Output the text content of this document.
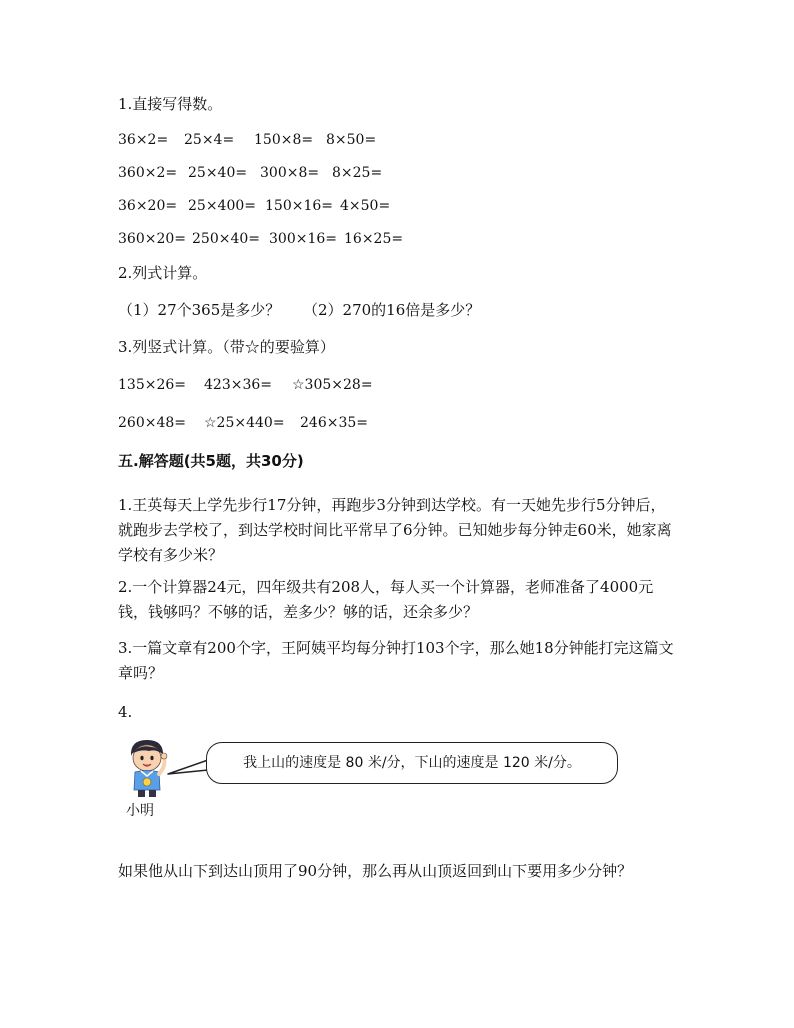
1.直接写得数。
36×2= 25×4= 150×8= 8×50=
360×2= 25×40= 300×8= 8×25=
36×20= 25×400= 150×16= 4×50=
360×20= 250×40= 300×16= 16×25=
2.列式计算。
（1）27个365是多少？ （2）270的16倍是多少？
3.列竖式计算。（带☆的要验算）
135×26= 423×36= ☆305×28=
260×48= ☆25×440= 246×35=
五.解答题(共5题，共30分)
1.王英每天上学先步行17分钟，再跑步3分钟到达学校。有一天她先步行5分钟后，就跑步去学校了，到达学校时间比平常早了6分钟。已知她步每分钟走60米，她家离学校有多少米？
2.一个计算器24元，四年级共有208人，每人买一个计算器，老师准备了4000元钱，钱够吗？不够的话，差多少？够的话，还余多少？
3.一篇文章有200个字，王阿姨平均每分钟打103个字，那么她18分钟能打完这篇文章吗？
4.
小明
我上山的速度是 80 米/分，下山的速度是 120 米/分。
如果他从山下到达山顶用了90分钟，那么再从山顶返回到山下要用多少分钟？
